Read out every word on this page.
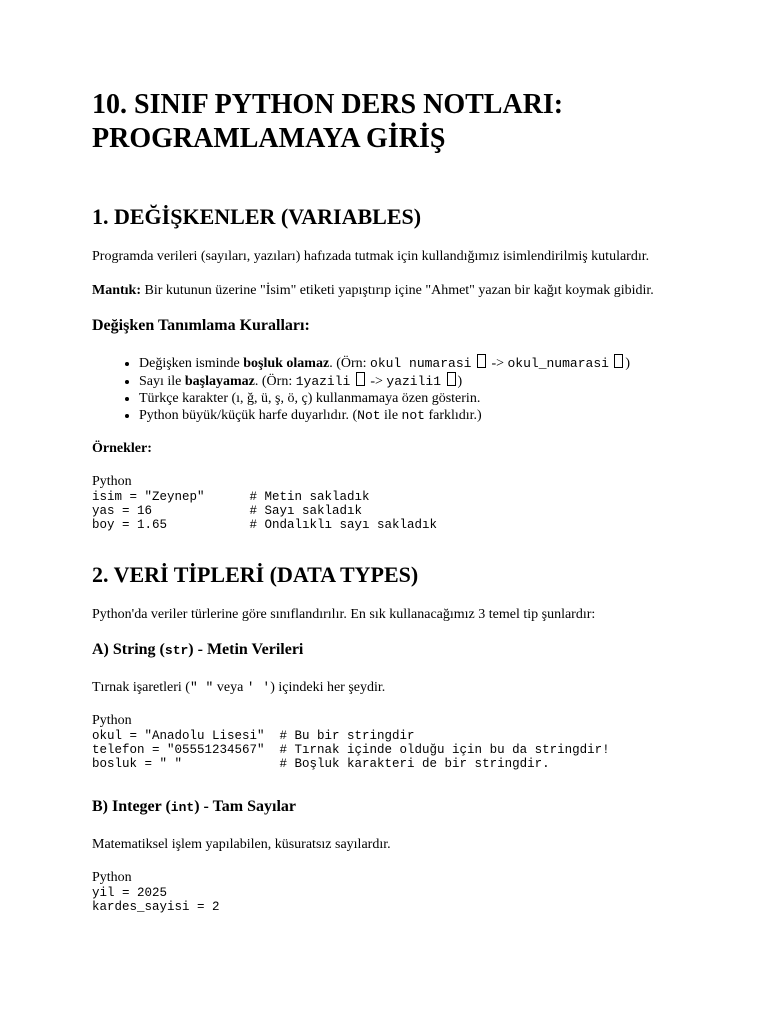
10. SINIF PYTHON DERS NOTLARI:
PROGRAMLAMAYA GİRİŞ
1. DEĞİŞKENLER (VARIABLES)

Programda verileri (sayıları, yazıları) hafızada tutmak için kullandığımız isimlendirilmiş kutulardır.

Mantık: Bir kutunun üzerine "İsim" etiketi yapıştırıp içine "Ahmet" yazan bir kağıt koymak gibidir.

Değişken Tanımlama Kuralları:
• Değişken isminde boşluk olamaz. (Örn: okul numarasi  -> okul_numarasi )
• Sayı ile başlayamaz. (Örn: 1yazili  -> yazili1 )
• Türkçe karakter (ı, ğ, ü, ş, ö, ç) kullanmamaya özen gösterin.
• Python büyük/küçük harfe duyarlıdır. (Not ile not farklıdır.)

Örnekler:

Python
isim = "Zeynep"      # Metin sakladık
yas = 16             # Sayı sakladık
boy = 1.65           # Ondalıklı sayı sakladık
2. VERİ TİPLERİ (DATA TYPES)

Python'da veriler türlerine göre sınıflandırılır. En sık kullanacağımız 3 temel tip şunlardır:

A) String (str) - Metin Verileri

Tırnak işaretleri (" " veya ' ') içindeki her şeydir.

Python
okul = "Anadolu Lisesi"  # Bu bir stringdir
telefon = "05551234567"  # Tırnak içinde olduğu için bu da stringdir!
bosluk = " "             # Boşluk karakteri de bir stringdir.
B) Integer (int) - Tam Sayılar

Matematiksel işlem yapılabilen, küsuratsız sayılardır.

Python
yil = 2025
kardes_sayisi = 2
